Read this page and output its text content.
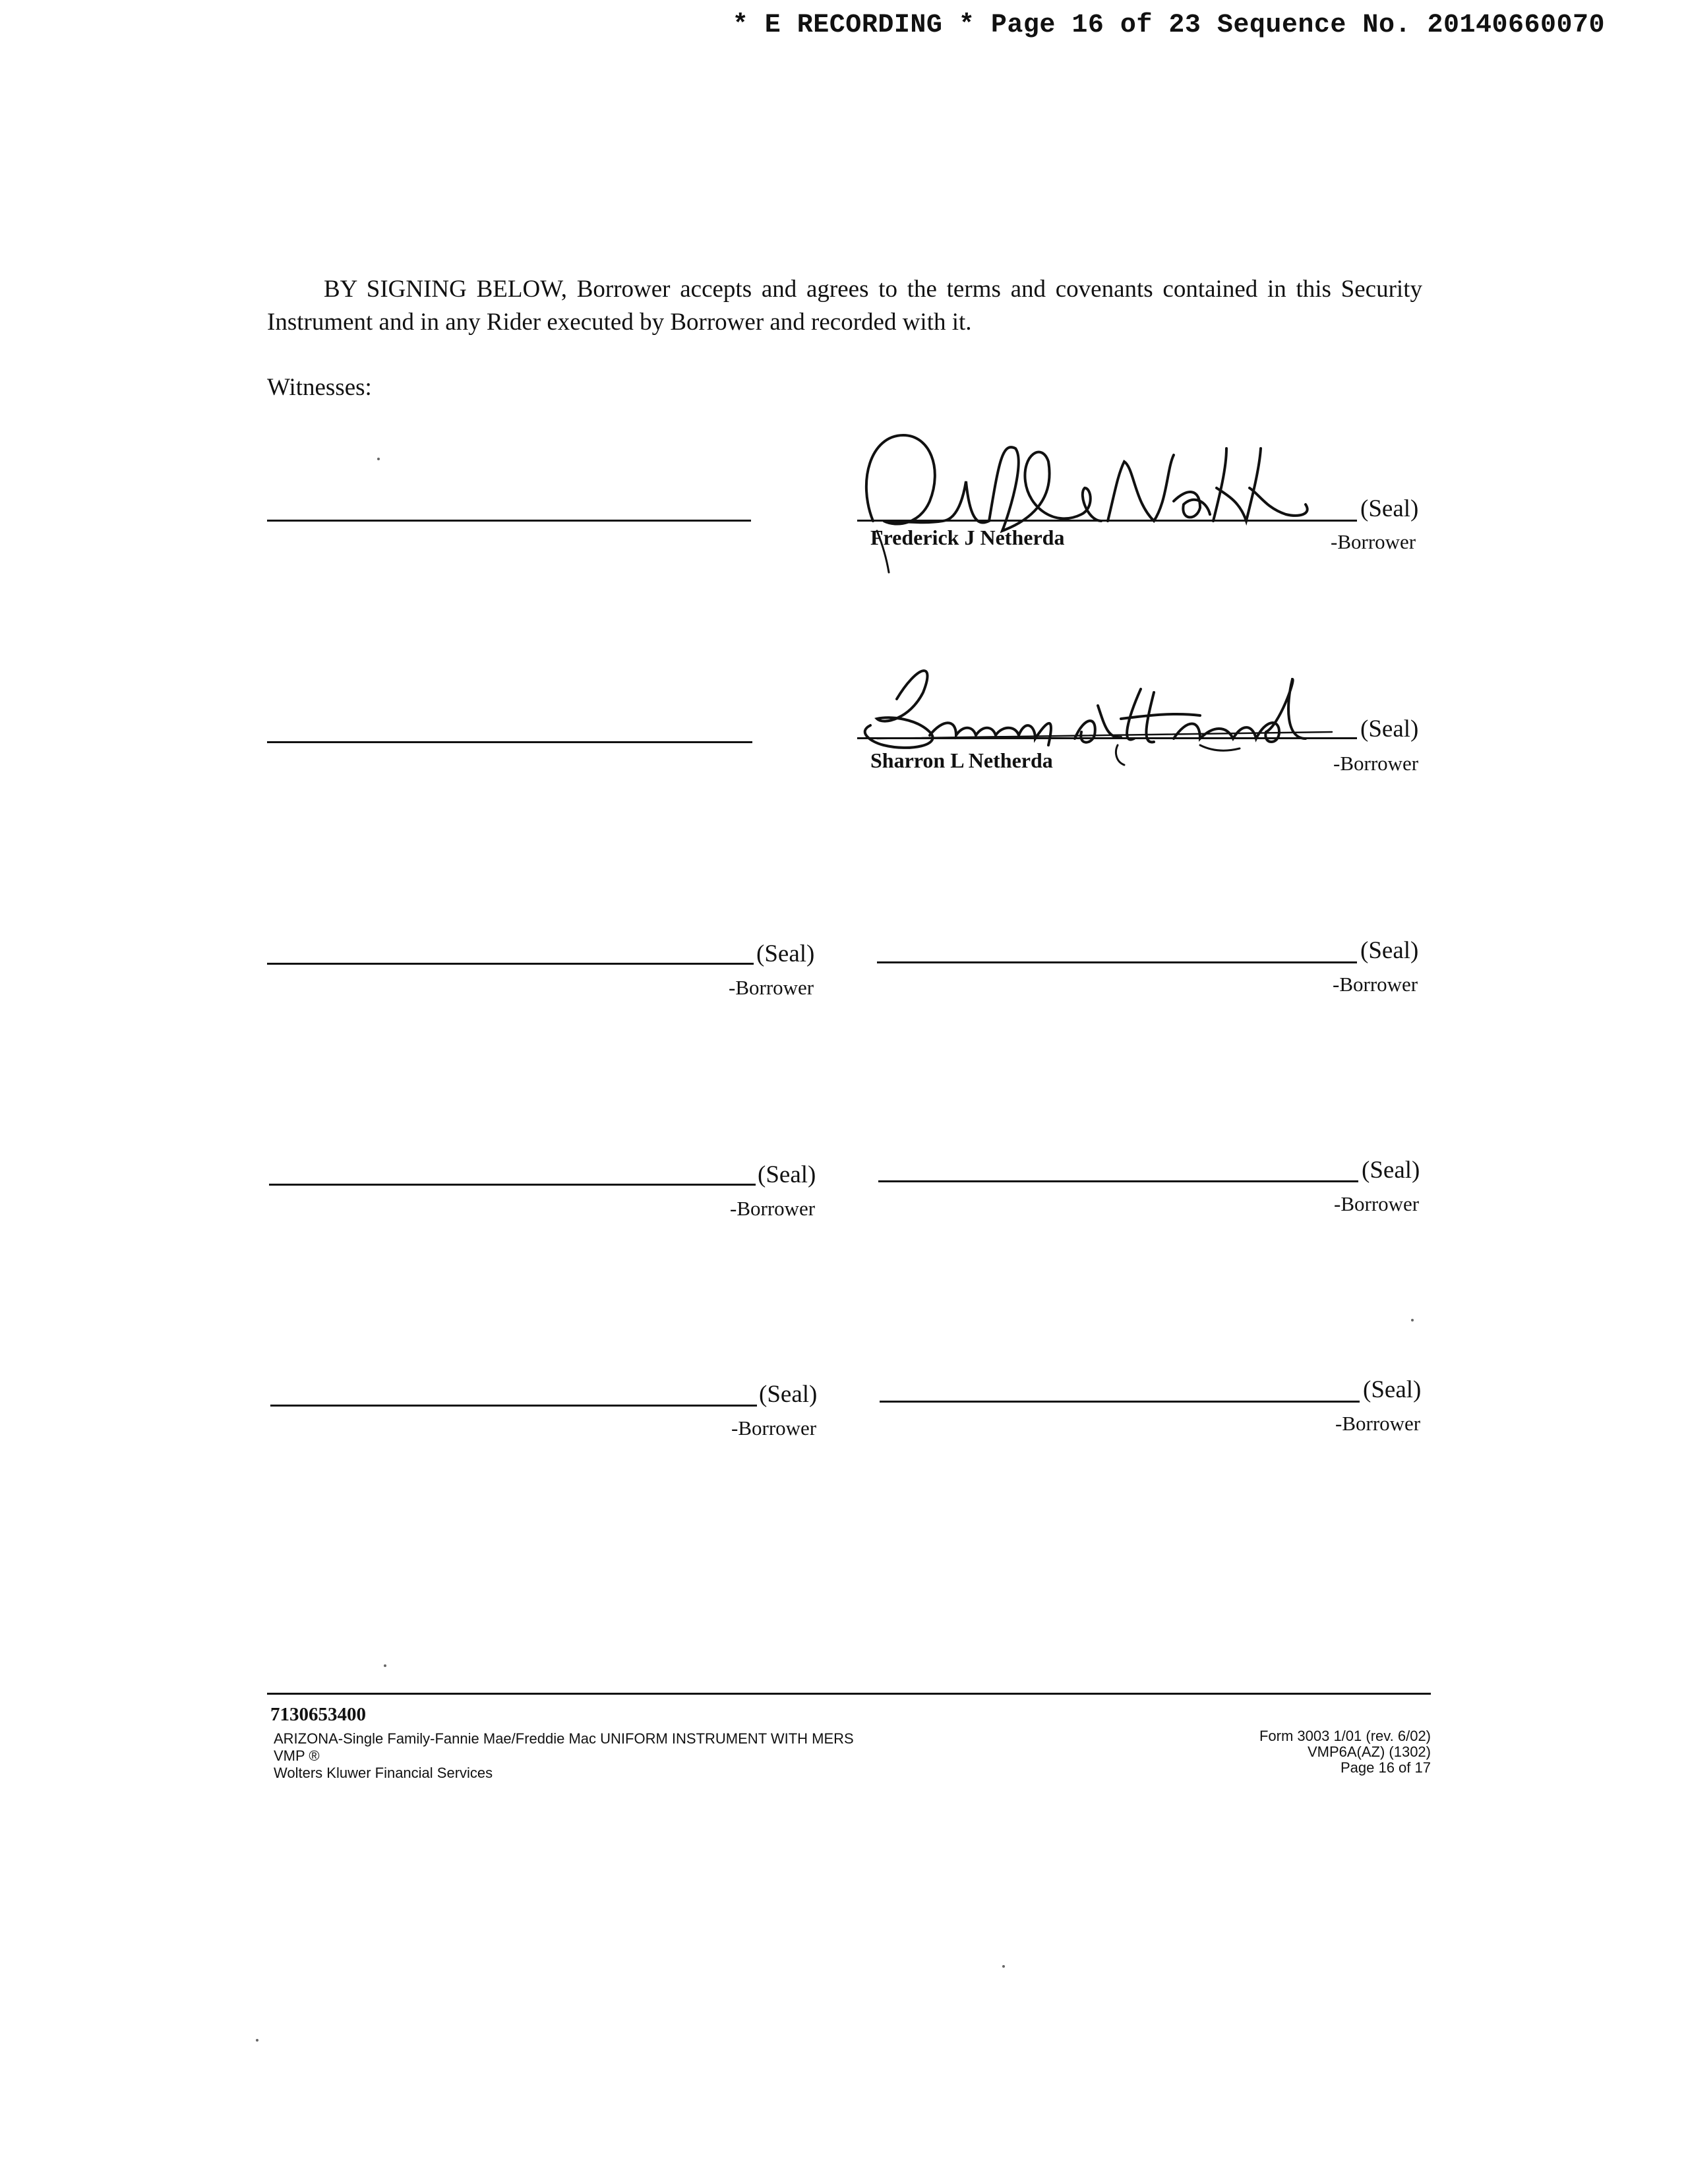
* E RECORDING * Page 16 of 23 Sequence No. 20140660070
BY SIGNING BELOW, Borrower accepts and agrees to the terms and covenants contained in this Security Instrument and in any Rider executed by Borrower and recorded with it.
Witnesses:
(Seal)
Frederick J Netherda	-Borrower
(Seal)
Sharron L Netherda	-Borrower
(Seal)
-Borrower
(Seal)
-Borrower
(Seal)
-Borrower
(Seal)
-Borrower
(Seal)
-Borrower
(Seal)
-Borrower
7130653400
ARIZONA-Single Family-Fannie Mae/Freddie Mac UNIFORM INSTRUMENT WITH MERS
VMP ®
Wolters Kluwer Financial Services
Form 3003 1/01 (rev. 6/02)
VMP6A(AZ) (1302)
Page 16 of 17
